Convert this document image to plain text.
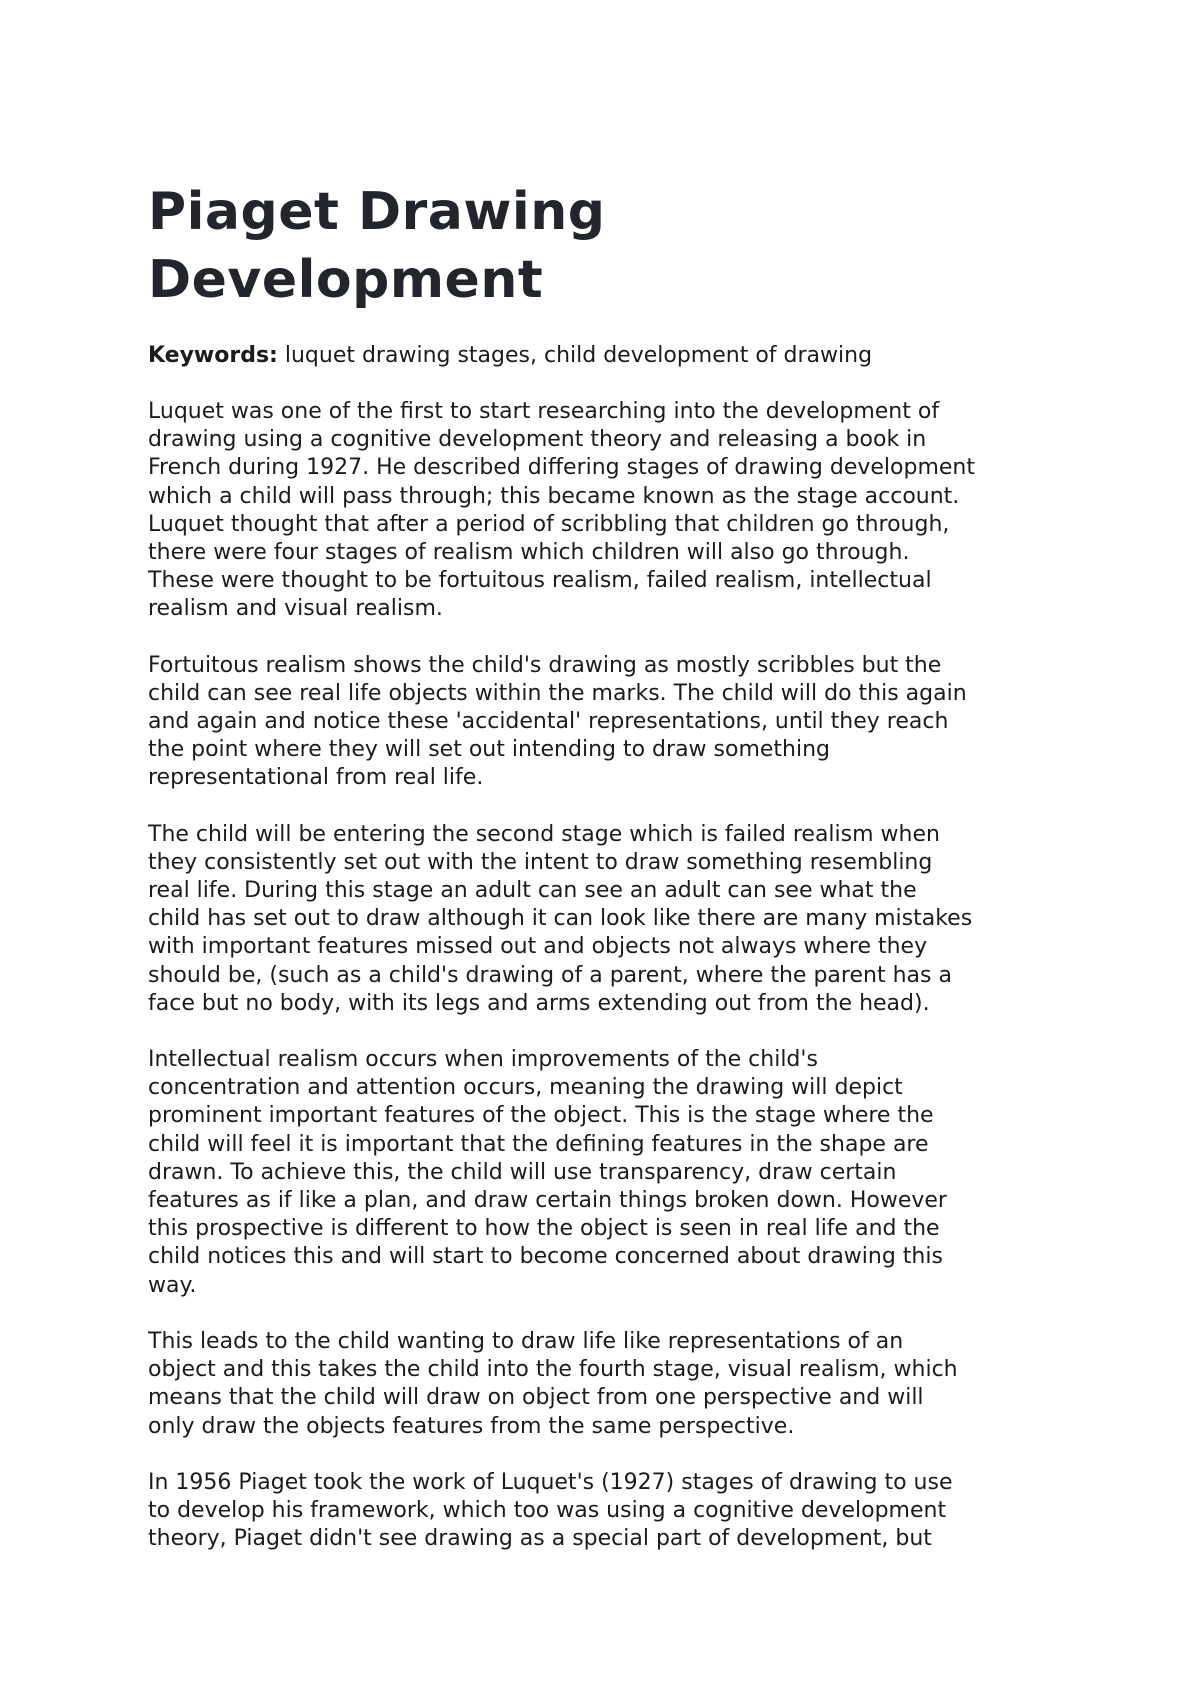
Piaget Drawing
Development

Keywords: luquet drawing stages, child development of drawing

Luquet was one of the first to start researching into the development of
drawing using a cognitive development theory and releasing a book in
French during 1927. He described differing stages of drawing development
which a child will pass through; this became known as the stage account.
Luquet thought that after a period of scribbling that children go through,
there were four stages of realism which children will also go through.
These were thought to be fortuitous realism, failed realism, intellectual
realism and visual realism.

Fortuitous realism shows the child's drawing as mostly scribbles but the
child can see real life objects within the marks. The child will do this again
and again and notice these 'accidental' representations, until they reach
the point where they will set out intending to draw something
representational from real life.

The child will be entering the second stage which is failed realism when
they consistently set out with the intent to draw something resembling
real life. During this stage an adult can see an adult can see what the
child has set out to draw although it can look like there are many mistakes
with important features missed out and objects not always where they
should be, (such as a child's drawing of a parent, where the parent has a
face but no body, with its legs and arms extending out from the head).

Intellectual realism occurs when improvements of the child's
concentration and attention occurs, meaning the drawing will depict
prominent important features of the object. This is the stage where the
child will feel it is important that the defining features in the shape are
drawn. To achieve this, the child will use transparency, draw certain
features as if like a plan, and draw certain things broken down. However
this prospective is different to how the object is seen in real life and the
child notices this and will start to become concerned about drawing this
way.

This leads to the child wanting to draw life like representations of an
object and this takes the child into the fourth stage, visual realism, which
means that the child will draw on object from one perspective and will
only draw the objects features from the same perspective.

In 1956 Piaget took the work of Luquet's (1927) stages of drawing to use
to develop his framework, which too was using a cognitive development
theory, Piaget didn't see drawing as a special part of development, but
